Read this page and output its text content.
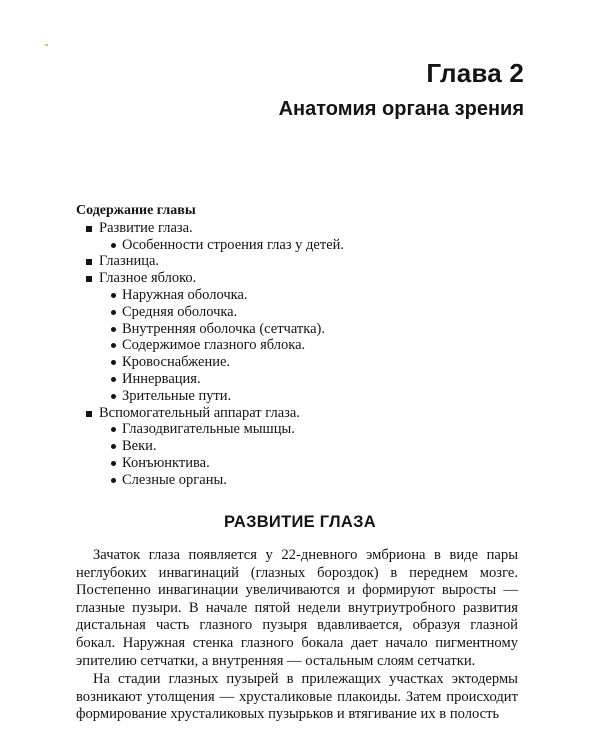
Глава 2
Анатомия органа зрения
Содержание главы
Развитие глаза.
Особенности строения глаз у детей.
Глазница.
Глазное яблоко.
Наружная оболочка.
Средняя оболочка.
Внутренняя оболочка (сетчатка).
Содержимое глазного яблока.
Кровоснабжение.
Иннервация.
Зрительные пути.
Вспомогательный аппарат глаза.
Глазодвигательные мышцы.
Веки.
Конъюнктива.
Слезные органы.
РАЗВИТИЕ ГЛАЗА

Зачаток глаза появляется у 22-дневного эмбриона в виде пары неглубоких инвагинаций (глазных бороздок) в переднем мозге. Постепенно инвагинации увеличиваются и формируют выросты — глазные пузыри. В начале пятой недели внутриутробного развития дистальная часть глазного пузыря вдавливается, образуя глазной бокал. Наружная стенка глазного бокала дает начало пигментному эпителию сетчатки, а внутренняя — остальным слоям сетчатки.

На стадии глазных пузырей в прилежащих участках эктодермы возникают утолщения — хрусталиковые плакоиды. Затем происходит формирование хрусталиковых пузырьков и втягивание их в полость
